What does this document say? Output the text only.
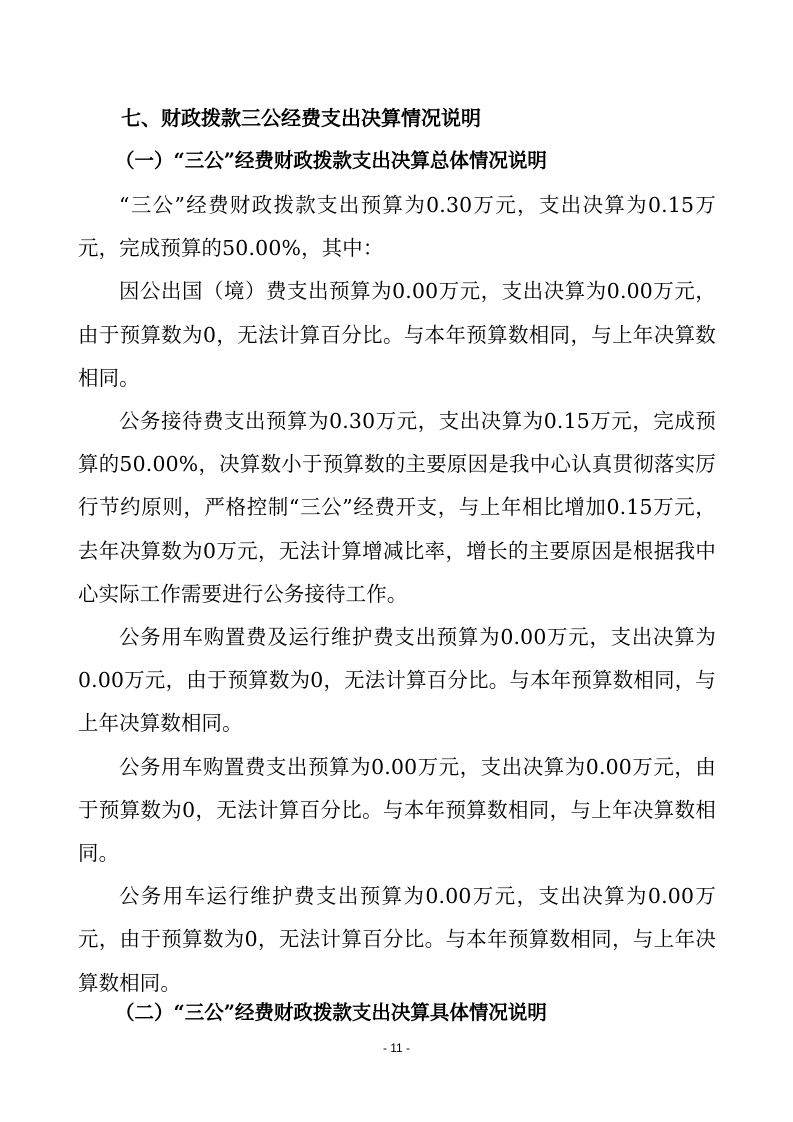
七、财政拨款三公经费支出决算情况说明
（一）“三公”经费财政拨款支出决算总体情况说明

“三公”经费财政拨款支出预算为0.30万元，支出决算为0.15万元，完成预算的50.00%，其中：

因公出国（境）费支出预算为0.00万元，支出决算为0.00万元，由于预算数为0，无法计算百分比。与本年预算数相同，与上年决算数相同。

公务接待费支出预算为0.30万元，支出决算为0.15万元，完成预算的50.00%，决算数小于预算数的主要原因是我中心认真贯彻落实厉行节约原则，严格控制“三公”经费开支，与上年相比增加0.15万元，去年决算数为0万元，无法计算增减比率，增长的主要原因是根据我中心实际工作需要进行公务接待工作。

公务用车购置费及运行维护费支出预算为0.00万元，支出决算为0.00万元，由于预算数为0，无法计算百分比。与本年预算数相同，与上年决算数相同。

公务用车购置费支出预算为0.00万元，支出决算为0.00万元，由于预算数为0，无法计算百分比。与本年预算数相同，与上年决算数相同。

公务用车运行维护费支出预算为0.00万元，支出决算为0.00万元，由于预算数为0，无法计算百分比。与本年预算数相同，与上年决算数相同。

（二）“三公”经费财政拨款支出决算具体情况说明
- 11 -
